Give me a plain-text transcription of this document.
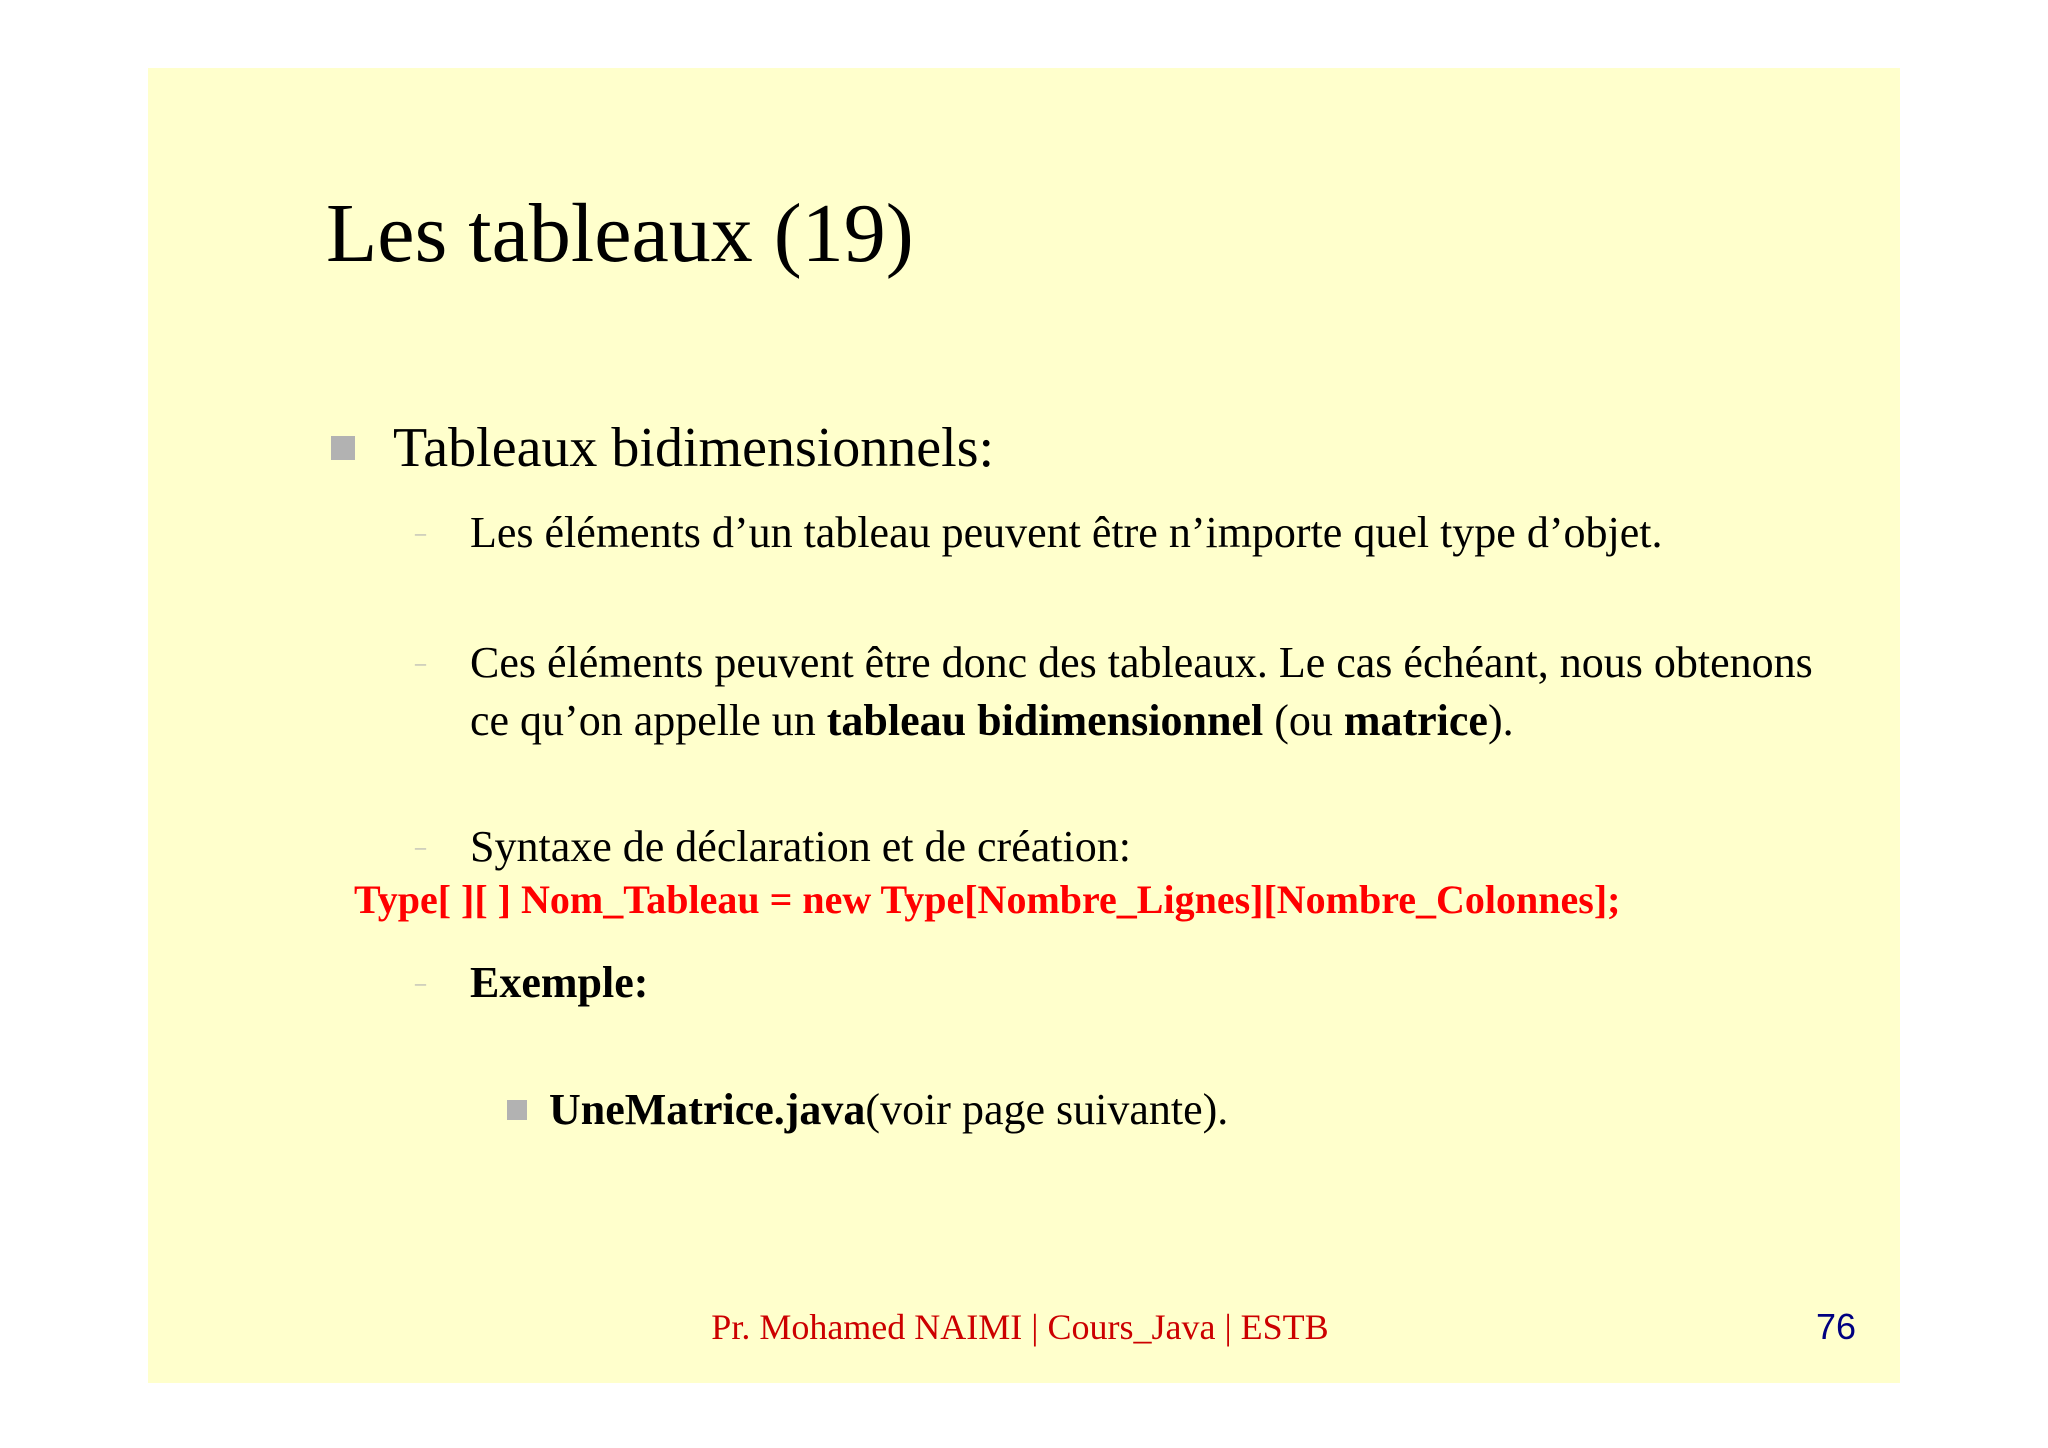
Les tableaux (19)
Tableaux bidimensionnels:
– Les éléments d’un tableau peuvent être n’importe quel type d’objet.
– Ces éléments peuvent être donc des tableaux. Le cas échéant, nous obtenons ce qu’on appelle un tableau bidimensionnel (ou matrice).
– Syntaxe de déclaration et de création:

Type[ ][ ] Nom_Tableau = new Type[Nombre_Lignes][Nombre_Colonnes];

– Exemple:
UneMatrice.java (voir page suivante).
Pr. Mohamed NAIMI | Cours_Java | ESTB	76
